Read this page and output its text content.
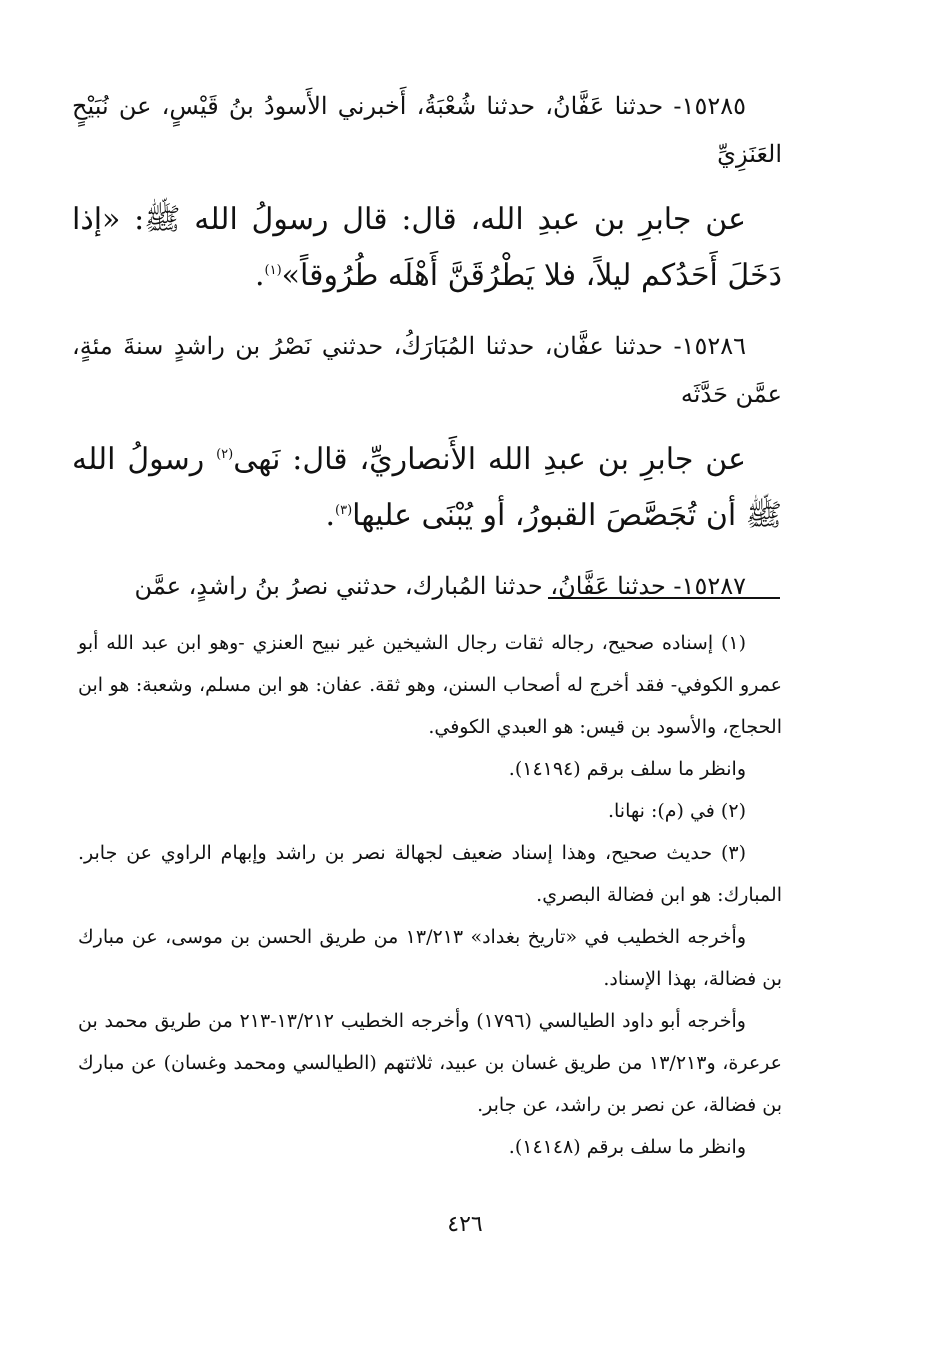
١٥٢٨٥- حدثنا عَفَّانُ، حدثنا شُعْبَةُ، أَخبرني الأَسودُ بنُ قَيْسٍ، عن نُبَيْحٍ العَنَزِيِّ

عن جابرِ بن عبدِ الله، قال: قال رسولُ الله ﷺ: «إذا دَخَلَ أَحَدُكم ليلاً، فلا يَطْرُقَنَّ أَهْلَه طُرُوقاً»$^{(١)}$.

١٥٢٨٦- حدثنا عفَّان، حدثنا المُبَارَكُ، حدثني نَصْرُ بن راشدٍ سنةَ مئةٍ، عمَّن حَدَّثَه

عن جابرِ بن عبدِ الله الأَنصاريِّ، قال: نَهى$^{(٢)}$ رسولُ الله ﷺ أن تُجَصَّصَ القبورُ، أو يُبْنَى عليها$^{(٣)}$.

١٥٢٨٧- حدثنا عَفَّانُ، حدثنا المُبارك، حدثني نصرُ بنُ راشدٍ، عمَّن

(١) إسناده صحيح، رجاله ثقات رجال الشيخين غير نبيح العنزي -وهو ابن عبد الله أبو عمرو الكوفي- فقد أخرج له أصحاب السنن، وهو ثقة. عفان: هو ابن مسلم، وشعبة: هو ابن الحجاج، والأسود بن قيس: هو العبدي الكوفي.

وانظر ما سلف برقم (١٤١٩٤).

(٢) في (م): نهانا.

(٣) حديث صحيح، وهذا إسناد ضعيف لجهالة نصر بن راشد وإبهام الراوي عن جابر. المبارك: هو ابن فضالة البصري.

وأخرجه الخطيب في «تاريخ بغداد» ١٣/٢١٣ من طريق الحسن بن موسى، عن مبارك بن فضالة، بهذا الإسناد.

وأخرجه أبو داود الطيالسي (١٧٩٦) وأخرجه الخطيب ١٣/٢١٢-٢١٣ من طريق محمد بن عرعرة، و١٣/٢١٣ من طريق غسان بن عبيد، ثلاثتهم (الطيالسي ومحمد وغسان) عن مبارك بن فضالة، عن نصر بن راشد، عن جابر.

وانظر ما سلف برقم (١٤١٤٨).

٤٢٦
